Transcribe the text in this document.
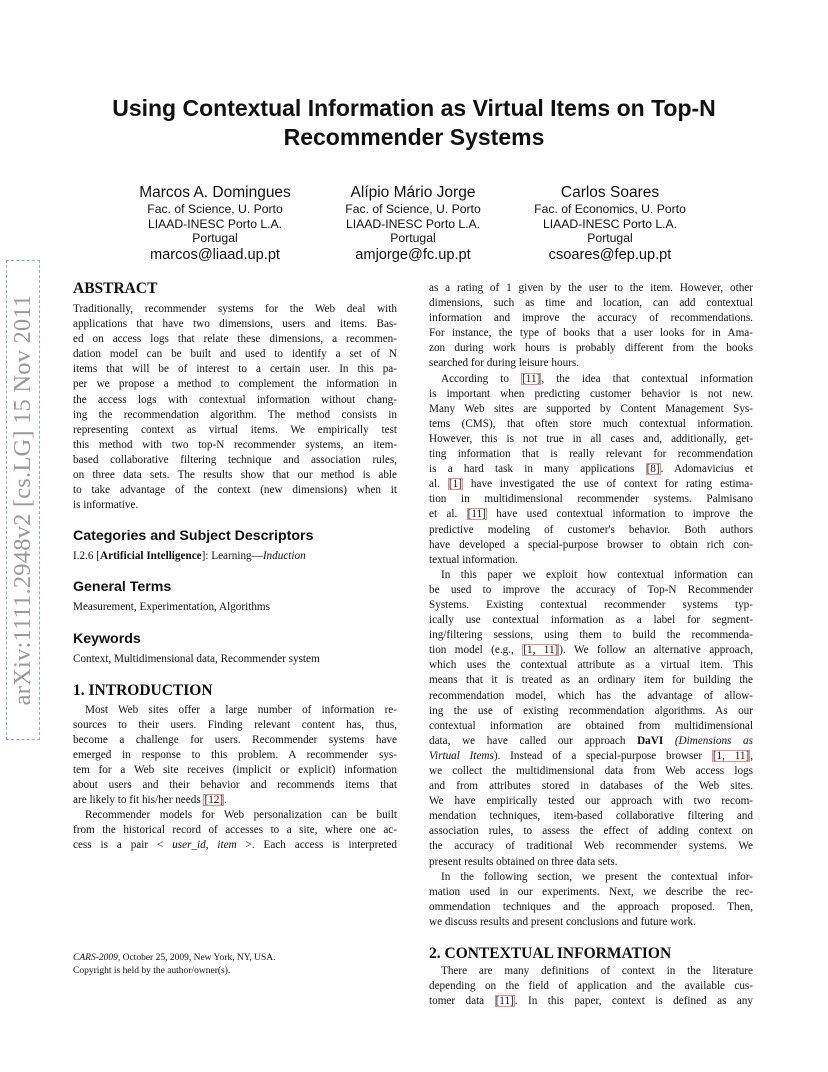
Using Contextual Information as Virtual Items on Top-N
Recommender Systems
Marcos A. Domingues
Fac. of Science, U. Porto
LIAAD-INESC Porto L.A.
Portugal
marcos@liaad.up.pt
Alípio Mário Jorge
Fac. of Science, U. Porto
LIAAD-INESC Porto L.A.
Portugal
amjorge@fc.up.pt
Carlos Soares
Fac. of Economics, U. Porto
LIAAD-INESC Porto L.A.
Portugal
csoares@fep.up.pt
arXiv:1111.2948v2 [cs.LG] 15 Nov 2011
ABSTRACT
Traditionally, recommender systems for the Web deal with
applications that have two dimensions, users and items. Bas-
ed on access logs that relate these dimensions, a recommen-
dation model can be built and used to identify a set of N
items that will be of interest to a certain user. In this pa-
per we propose a method to complement the information in
the access logs with contextual information without chang-
ing the recommendation algorithm. The method consists in
representing context as virtual items. We empirically test
this method with two top-N recommender systems, an item-
based collaborative filtering technique and association rules,
on three data sets. The results show that our method is able
to take advantage of the context (new dimensions) when it
is informative.
Categories and Subject Descriptors
I.2.6 [Artificial Intelligence]: Learning—Induction
General Terms
Measurement, Experimentation, Algorithms
Keywords
Context, Multidimensional data, Recommender system
1. INTRODUCTION
Most Web sites offer a large number of information re-
sources to their users. Finding relevant content has, thus,
become a challenge for users. Recommender systems have
emerged in response to this problem. A recommender sys-
tem for a Web site receives (implicit or explicit) information
about users and their behavior and recommends items that
are likely to fit his/her needs [12].
Recommender models for Web personalization can be built
from the historical record of accesses to a site, where one ac-
cess is a pair < user_id, item >. Each access is interpreted
CARS-2009, October 25, 2009, New York, NY, USA.
Copyright is held by the author/owner(s).
as a rating of 1 given by the user to the item. However, other
dimensions, such as time and location, can add contextual
information and improve the accuracy of recommendations.
For instance, the type of books that a user looks for in Ama-
zon during work hours is probably different from the books
searched for during leisure hours.
According to [11], the idea that contextual information
is important when predicting customer behavior is not new.
Many Web sites are supported by Content Management Sys-
tems (CMS), that often store much contextual information.
However, this is not true in all cases and, additionally, get-
ting information that is really relevant for recommendation
is a hard task in many applications [8]. Adomavicius et
al. [1] have investigated the use of context for rating estima-
tion in multidimensional recommender systems. Palmisano
et al. [11] have used contextual information to improve the
predictive modeling of customer's behavior. Both authors
have developed a special-purpose browser to obtain rich con-
textual information.
In this paper we exploit how contextual information can
be used to improve the accuracy of Top-N Recommender
Systems. Existing contextual recommender systems typ-
ically use contextual information as a label for segment-
ing/filtering sessions, using them to build the recommenda-
tion model (e.g., [1, 11]). We follow an alternative approach,
which uses the contextual attribute as a virtual item. This
means that it is treated as an ordinary item for building the
recommendation model, which has the advantage of allow-
ing the use of existing recommendation algorithms. As our
contextual information are obtained from multidimensional
data, we have called our approach DaVI (Dimensions as
Virtual Items). Instead of a special-purpose browser [1, 11],
we collect the multidimensional data from Web access logs
and from attributes stored in databases of the Web sites.
We have empirically tested our approach with two recom-
mendation techniques, item-based collaborative filtering and
association rules, to assess the effect of adding context on
the accuracy of traditional Web recommender systems. We
present results obtained on three data sets.
In the following section, we present the contextual infor-
mation used in our experiments. Next, we describe the rec-
ommendation techniques and the approach proposed. Then,
we discuss results and present conclusions and future work.
2. CONTEXTUAL INFORMATION
There are many definitions of context in the literature
depending on the field of application and the available cus-
tomer data [11]. In this paper, context is defined as any
